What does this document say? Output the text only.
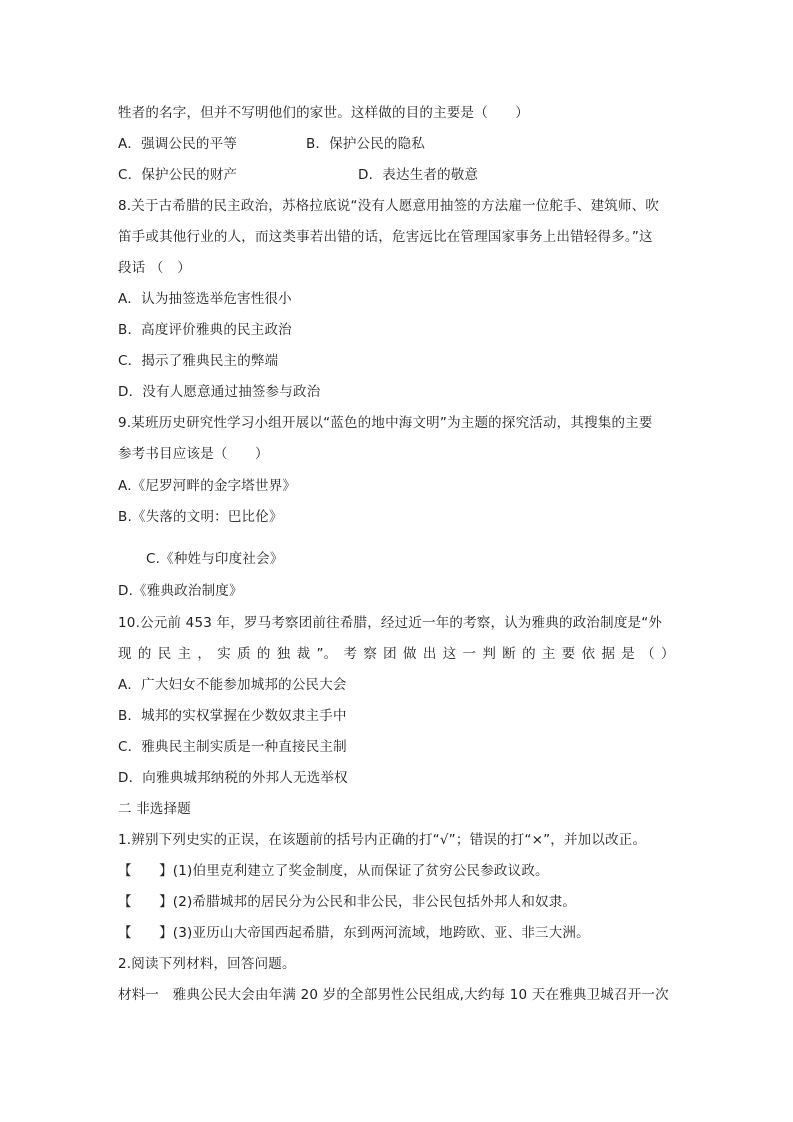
牲者的名字，但并不写明他们的家世。这样做的目的主要是（　　）
A．强调公民的平等	B．保护公民的隐私
C．保护公民的财产	D．表达生者的敬意
8.关于古希腊的民主政治，苏格拉底说“没有人愿意用抽签的方法雇一位舵手、建筑师、吹
笛手或其他行业的人，而这类事若出错的话，危害远比在管理国家事务上出错轻得多。”这
段话 （　）
A．认为抽签选举危害性很小
B．高度评价雅典的民主政治
C．揭示了雅典民主的弊端
D．没有人愿意通过抽签参与政治
9.某班历史研究性学习小组开展以“蓝色的地中海文明”为主题的探究活动，其搜集的主要
参考书目应该是（　　）
A.《尼罗河畔的金字塔世界》
B.《失落的文明：巴比伦》
C.《种姓与印度社会》
D.《雅典政治制度》
10.公元前 453 年，罗马考察团前往希腊，经过近一年的考察，认为雅典的政治制度是“外
现 的 民 主 ， 实 质 的 独 裁 ”。 考 察 团 做 出 这 一 判 断 的 主 要 依 据 是 （ ）
A．广大妇女不能参加城邦的公民大会
B．城邦的实权掌握在少数奴隶主手中
C．雅典民主制实质是一种直接民主制
D．向雅典城邦纳税的外邦人无选举权
二 非选择题
1.辨别下列史实的正误，在该题前的括号内正确的打“√”；错误的打“×”，并加以改正。
【　　】(1)伯里克利建立了奖金制度，从而保证了贫穷公民参政议政。
【　　】(2)希腊城邦的居民分为公民和非公民，非公民包括外邦人和奴隶。
【　　】(3)亚历山大帝国西起希腊，东到两河流域，地跨欧、亚、非三大洲。
2.阅读下列材料，回答问题。
材料一　雅典公民大会由年满 20 岁的全部男性公民组成,大约每 10 天在雅典卫城召开一次
